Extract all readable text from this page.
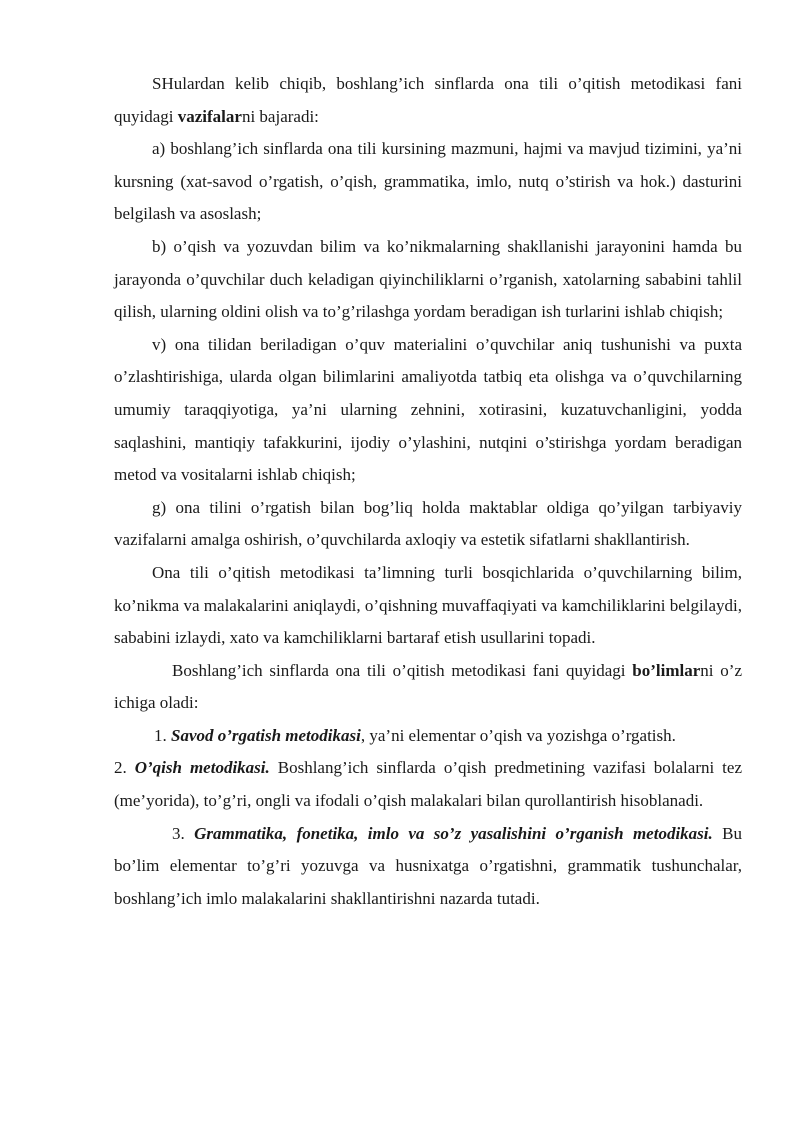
SHulardan kelib chiqib, boshlang’ich sinflarda ona tili o’qitish metodikasi fani quyidagi vazifalarni bajaradi:

a) boshlang’ich sinflarda ona tili kursining mazmuni, hajmi va mavjud tizimini, ya’ni kursning (xat-savod o’rgatish, o’qish, grammatika, imlo, nutq o’stirish va hok.) dasturini belgilash va asoslash;

b) o’qish va yozuvdan bilim va ko’nikmalarning shakllanishi jarayonini hamda bu jarayonda o’quvchilar duch keladigan qiyinchiliklarni o’rganish, xatolarning sababini tahlil qilish, ularning oldini olish va to’g’rilashga yordam beradigan ish turlarini ishlab chiqish;

v) ona tilidan beriladigan o’quv materialini o’quvchilar aniq tushunishi va puxta o’zlashtirishiga, ularda olgan bilimlarini amaliyotda tatbiq eta olishga va o’quvchilarning umumiy taraqqiyotiga, ya’ni ularning zehnini, xotirasini, kuzatuvchanligini, yodda saqlashini, mantiqiy tafakkurini, ijodiy o’ylashini, nutqini o’stirishga yordam beradigan metod va vositalarni ishlab chiqish;

g) ona tilini o’rgatish bilan bog’liq holda maktablar oldiga qo’yilgan tarbiyaviy vazifalarni amalga oshirish, o’quvchilarda axloqiy va estetik sifatlarni shakllantirish.

Ona tili o’qitish metodikasi ta’limning turli bosqichlarida o’quvchilarning bilim, ko’nikma va malakalarini aniqlaydi, o’qishning muvaffaqiyati va kamchiliklarini belgilaydi, sababini izlaydi, xato va kamchiliklarni bartaraf etish usullarini topadi.

Boshlang’ich sinflarda ona tili o’qitish metodikasi fani quyidagi bo’limlarni o’z ichiga oladi:

1. Savod o’rgatish metodikasi, ya’ni elementar o’qish va yozishga o’rgatish.

2. O’qish metodikasi. Boshlang’ich sinflarda o’qish predmetining vazifasi bolalarni tez (me’yorida), to’g’ri, ongli va ifodali o’qish malakalari bilan qurollantirish hisoblanadi.

3. Grammatika, fonetika, imlo va so’z yasalishini o’rganish metodikasi. Bu bo’lim elementar to’g’ri yozuvga va husnixatga o’rgatishni, grammatik tushunchalar, boshlang’ich imlo malakalarini shakllantirishni nazarda tutadi.
